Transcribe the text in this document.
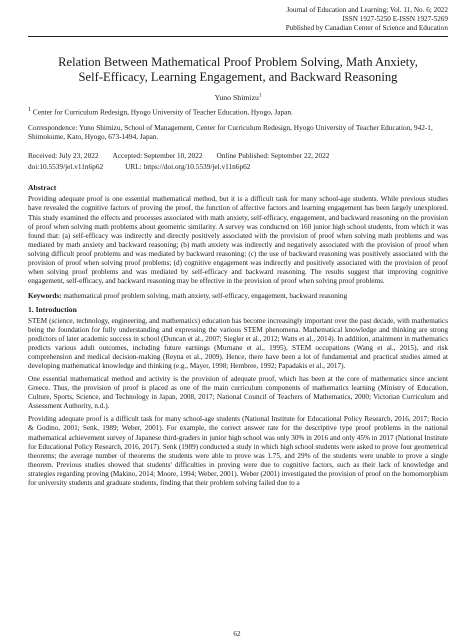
Journal of Education and Learning; Vol. 11, No. 6; 2022
ISSN 1927-5250 E-ISSN 1927-5269
Published by Canadian Center of Science and Education
Relation Between Mathematical Proof Problem Solving, Math Anxiety,
Self-Efficacy, Learning Engagement, and Backward Reasoning
Yuno Shimizu$^1$
$^1$ Center for Curriculum Redesign, Hyogo University of Teacher Education, Hyogo, Japan.
Correspondence: Yuno Shimizu, School of Management, Center for Curriculum Redesign, Hyogo University of Teacher Education, 942-1, Shimokume, Kato, Hyogo, 673-1494, Japan.
Received: July 23, 2022 Accepted: September 10, 2022 Online Published: September 22, 2022
doi:10.5539/jel.v11n6p62	URL: https://doi.org/10.5539/jel.v11n6p62
Abstract
Providing adequate proof is one essential mathematical method, but it is a difficult task for many school-age students. While previous studies have revealed the cognitive factors of proving the proof, the function of affective factors and learning engagement has been largely unexplored. This study examined the effects and processes associated with math anxiety, self-efficacy, engagement, and backward reasoning on the provision of proof when solving math problems about geometric similarity. A survey was conducted on 160 junior high school students, from which it was found that: (a) self-efficacy was indirectly and directly positively associated with the provision of proof when solving math problems and was mediated by math anxiety and backward reasoning; (b) math anxiety was indirectly and negatively associated with the provision of proof when solving difficult proof problems and was mediated by backward reasoning; (c) the use of backward reasoning was positively associated with the provision of proof when solving proof problems; (d) cognitive engagement was indirectly and positively associated with the provision of proof when solving proof problems and was mediated by self-efficacy and backward reasoning. The results suggest that improving cognitive engagement, self-efficacy, and backward reasoning may be effective in the provision of proof when solving proof problems.
Keywords: mathematical proof problem solving, math anxiety, self-efficacy, engagement, backward reasoning
1. Introduction
STEM (science, technology, engineering, and mathematics) education has become increasingly important over the past decade, with mathematics being the foundation for fully understanding and expressing the various STEM phenomena. Mathematical knowledge and thinking are strong predictors of later academic success in school (Duncan et al., 2007; Siegler et al., 2012; Watts et al., 2014). In addition, attainment in mathematics predicts various adult outcomes, including future earnings (Murnane et al., 1995), STEM occupations (Wang et al., 2015), and risk comprehension and medical decision-making (Reyna et al., 2009). Hence, there have been a lot of fundamental and practical studies aimed at developing mathematical knowledge and thinking (e.g., Mayer, 1998; Hembree, 1992; Papadakis et al., 2017).
One essential mathematical method and activity is the provision of adequate proof, which has been at the core of mathematics since ancient Greece. Thus, the provision of proof is placed as one of the main curriculum components of mathematics learning (Ministry of Education, Culture, Sports, Science, and Technology in Japan, 2008, 2017; National Council of Teachers of Mathematics, 2000; Victorian Curriculum and Assessment Authority, n.d.).
Providing adequate proof is a difficult task for many school-age students (National Institute for Educational Policy Research, 2016, 2017; Recio & Godino, 2001; Senk, 1989; Weber, 2001). For example, the correct answer rate for the descriptive type proof problems in the national mathematical achievement survey of Japanese third-graders in junior high school was only 30% in 2016 and only 45% in 2017 (National Institute for Educational Policy Research, 2016, 2017). Senk (1989) conducted a study in which high school students were asked to prove four geometrical theorems; the average number of theorems the students were able to prove was 1.75, and 29% of the students were unable to prove a single theorem. Previous studies showed that students' difficulties in proving were due to cognitive factors, such as their lack of knowledge and strategies regarding proving (Makino, 2014; Moore, 1994; Weber, 2001). Weber (2001) investigated the provision of proof on the homomorphism for university students and graduate students, finding that their problem solving failed due to a
62
